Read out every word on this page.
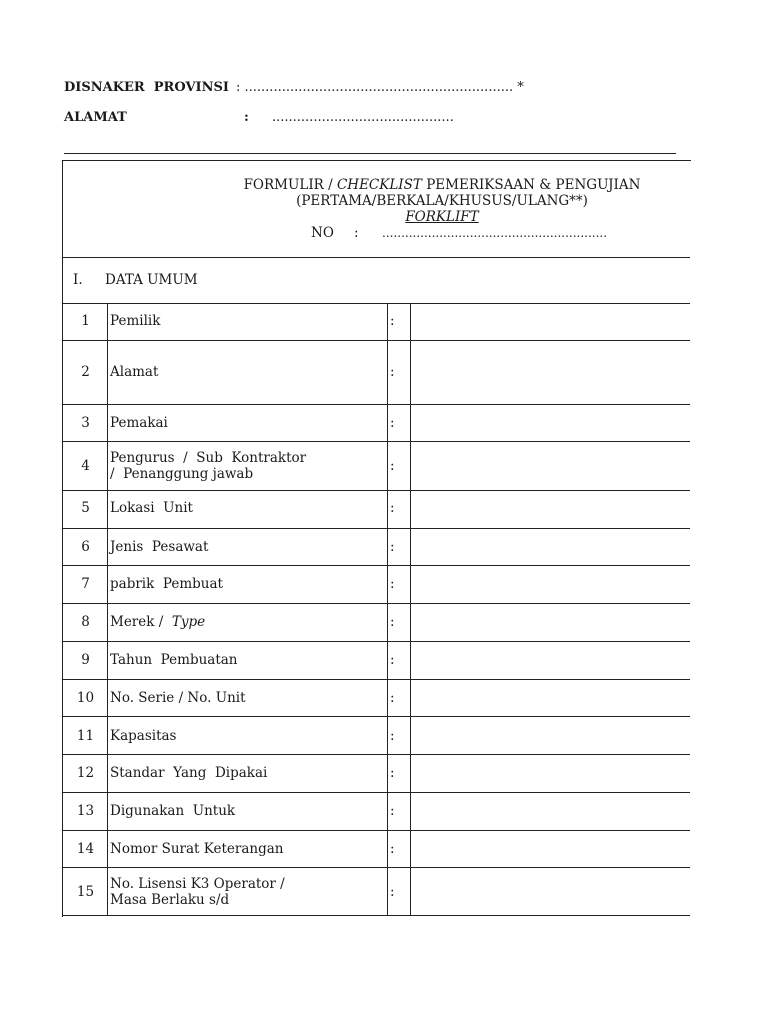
DISNAKER  PROVINSI : ................................................................. *
ALAMAT	: ............................................
FORMULIR / CHECKLIST PEMERIKSAAN & PENGUJIAN
(PERTAMA/BERKALA/KHUSUS/ULANG**)
FORKLIFT
NO : ...........................................................
I. DATA UMUM
1	Pemilik	:
2	Alamat	:
3	Pemakai	:
4	Pengurus  /  Sub  Kontraktor
/  Penanggung jawab	:
5	Lokasi  Unit	:
6	Jenis  Pesawat	:
7	pabrik  Pembuat	:
8	Merek /  Type	:
9	Tahun  Pembuatan	:
10	No. Serie / No. Unit	:
11	Kapasitas	:
12	Standar  Yang  Dipakai	:
13	Digunakan  Untuk	:
14	Nomor Surat Keterangan	:
15	No. Lisensi K3 Operator /
Masa Berlaku s/d	:
